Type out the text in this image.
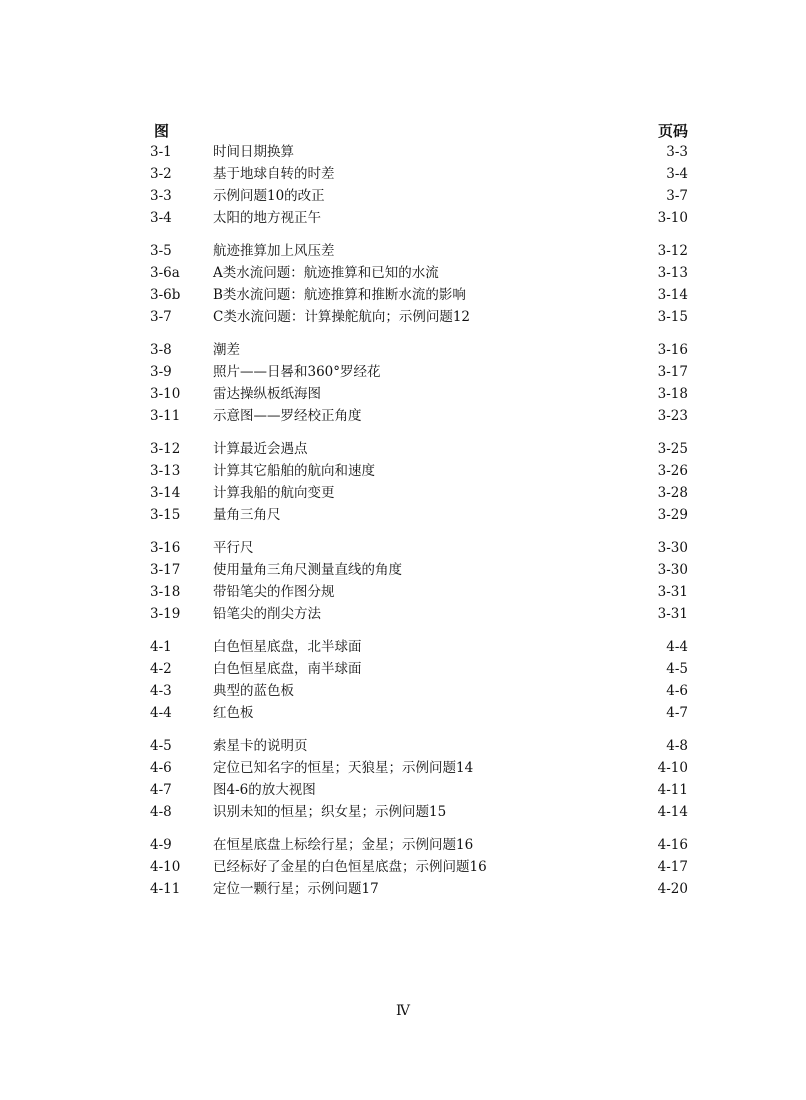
图	页码
3-1	时间日期换算	3-3
3-2	基于地球自转的时差	3-4
3-3	示例问题10的改正	3-7
3-4	太阳的地方视正午	3-10
3-5	航迹推算加上风压差	3-12
3-6a A类水流问题：航迹推算和已知的水流	3-13
3-6b B类水流问题：航迹推算和推断水流的影响	3-14
3-7	C类水流问题：计算操舵航向；示例问题12	3-15
3-8	潮差	3-16
3-9	照片——日晷和360°罗经花	3-17
3-10 雷达操纵板纸海图	3-18
3-11 示意图——罗经校正角度	3-23
3-12 计算最近会遇点	3-25
3-13 计算其它船舶的航向和速度	3-26
3-14 计算我船的航向变更	3-28
3-15 量角三角尺	3-29
3-16 平行尺	3-30
3-17 使用量角三角尺测量直线的角度	3-30
3-18 带铅笔尖的作图分规	3-31
3-19 铅笔尖的削尖方法	3-31
4-1	白色恒星底盘，北半球面	4-4
4-2	白色恒星底盘，南半球面	4-5
4-3	典型的蓝色板	4-6
4-4	红色板	4-7
4-5	索星卡的说明页	4-8
4-6	定位已知名字的恒星；天狼星；示例问题14	4-10
4-7	图4-6的放大视图	4-11
4-8	识别未知的恒星；织女星；示例问题15	4-14
4-9	在恒星底盘上标绘行星；金星；示例问题16	4-16
4-10 已经标好了金星的白色恒星底盘；示例问题16	4-17
4-11 定位一颗行星；示例问题17	4-20
Ⅳ
